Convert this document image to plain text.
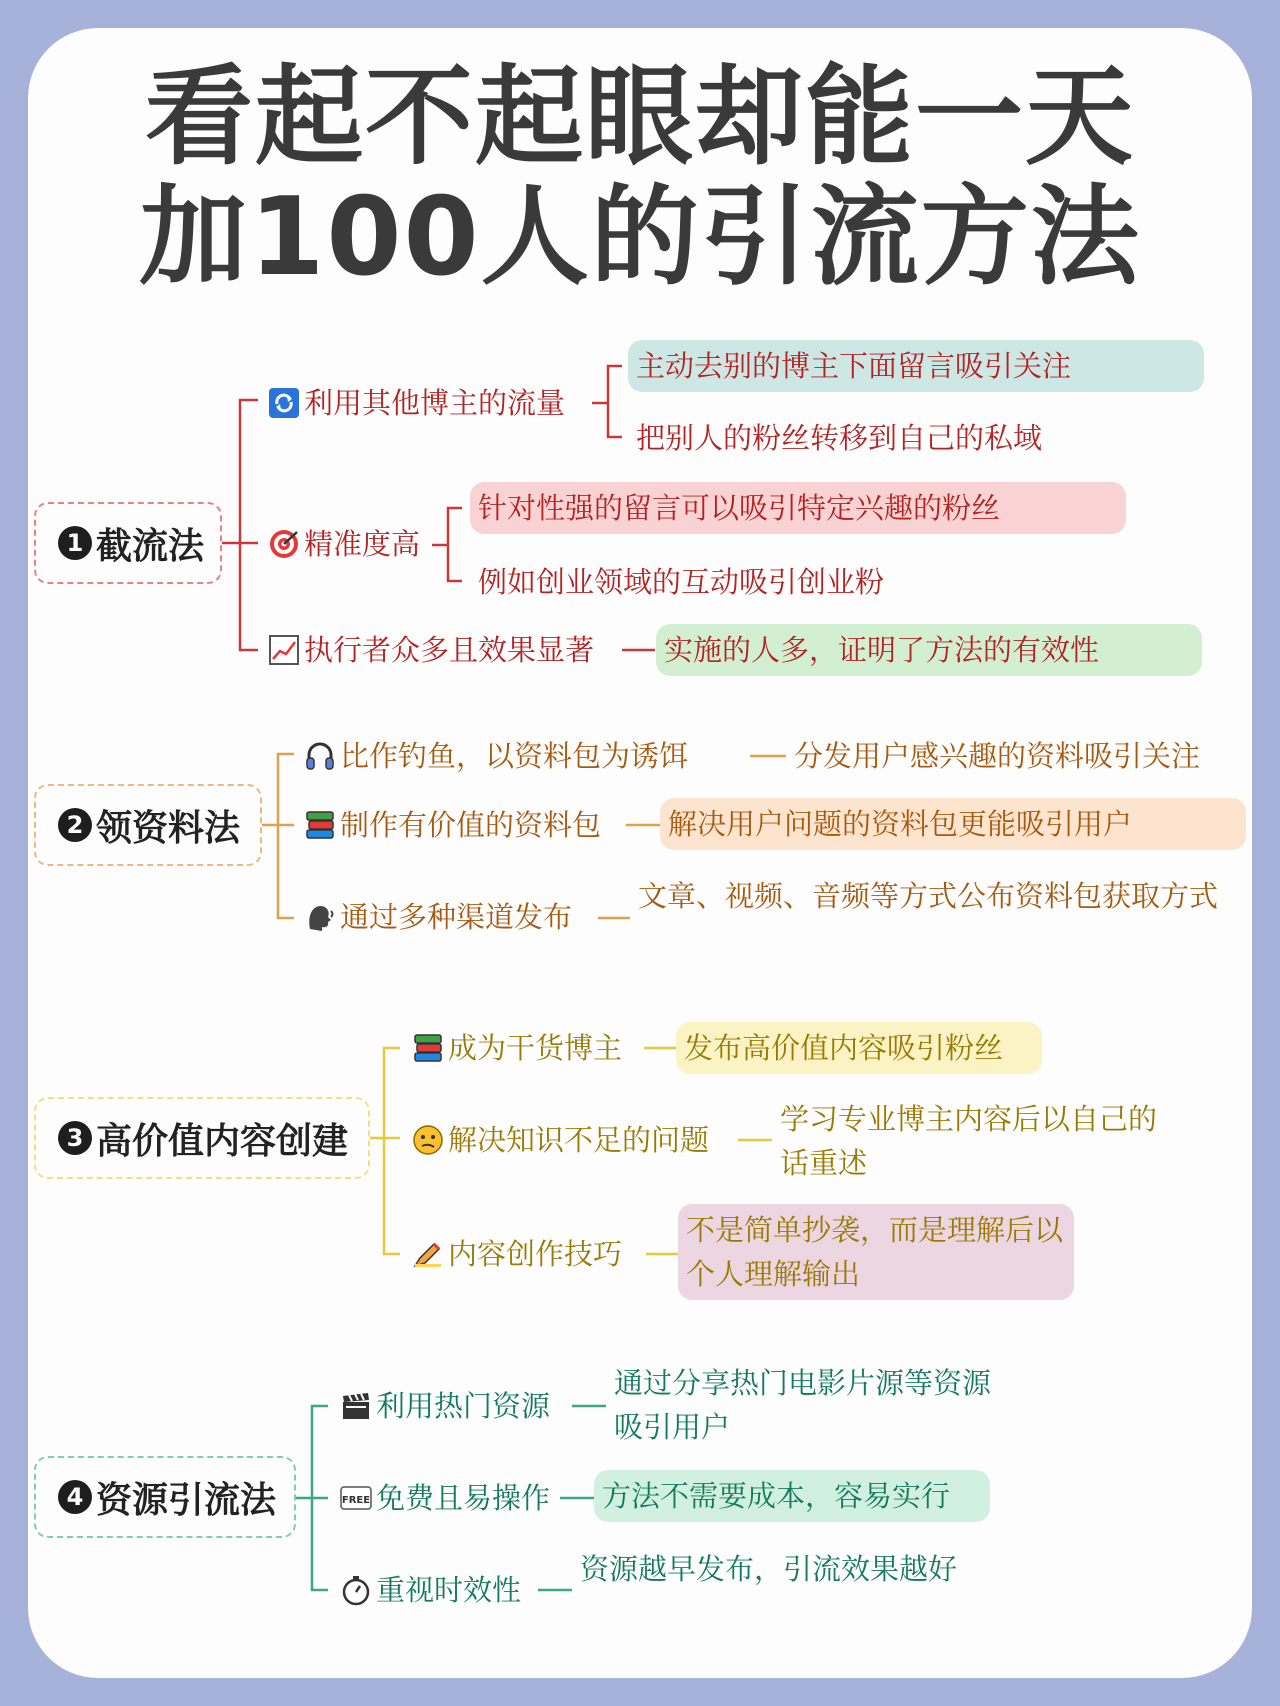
看起不起眼却能一天
加100人的引流方法
1 截流法
利用其他博主的流量
主动去别的博主下面留言吸引关注
把别人的粉丝转移到自己的私域
精准度高
针对性强的留言可以吸引特定兴趣的粉丝
例如创业领域的互动吸引创业粉
执行者众多且效果显著 实施的人多，证明了方法的有效性
2 领资料法
比作钓鱼，以资料包为诱饵	分发用户感兴趣的资料吸引关注
制作有价值的资料包 解决用户问题的资料包更能吸引用户
通过多种渠道发布
文章、视频、音频等方式公布资料包获取方式
3 高价值内容创建
成为干货博主 发布高价值内容吸引粉丝
解决知识不足的问题
学习专业博主内容后以自己的话重述
内容创作技巧
不是简单抄袭，而是理解后以个人理解输出
4 资源引流法
利用热门资源
通过分享热门电影片源等资源吸引用户
FREE 免费且易操作 方法不需要成本，容易实行
重视时效性
资源越早发布，引流效果越好
